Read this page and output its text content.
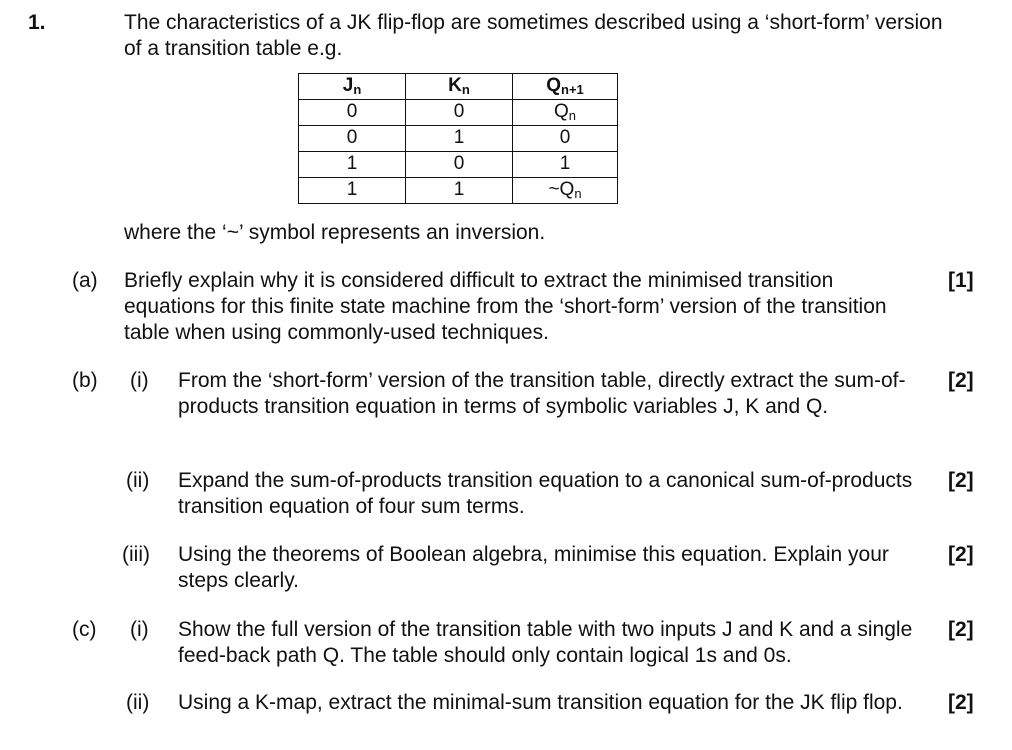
1.	The characteristics of a JK flip-flop are sometimes described using a ‘short-form’ version of a transition table e.g.
Jn	Kn	Qn+1
0	0	Qn
0	1	0
1	0	1
1	1	~Qn
where the ‘~’ symbol represents an inversion.
(a) Briefly explain why it is considered difficult to extract the minimised transition equations for this finite state machine from the ‘short-form’ version of the transition table when using commonly-used techniques.
[1]
(b) (i) From the ‘short-form’ version of the transition table, directly extract the sum-of-products transition equation in terms of symbolic variables J, K and Q.
[2]
(ii) Expand the sum-of-products transition equation to a canonical sum-of-products transition equation of four sum terms.
[2]
(iii) Using the theorems of Boolean algebra, minimise this equation. Explain your steps clearly.
[2]
(c) (i) Show the full version of the transition table with two inputs J and K and a single feed-back path Q. The table should only contain logical 1s and 0s.
[2]
(ii) Using a K-map, extract the minimal-sum transition equation for the JK flip flop.	[2]
